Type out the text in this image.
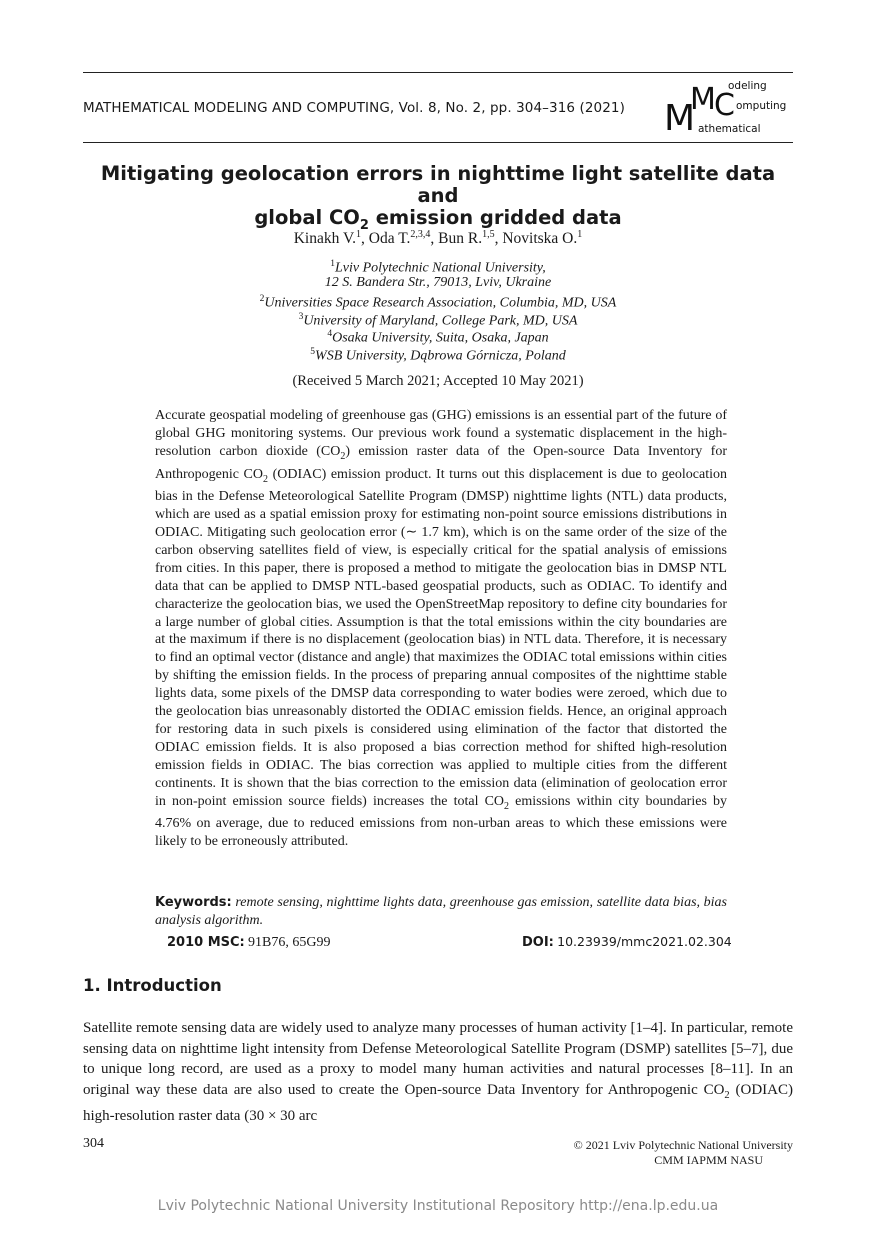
MATHEMATICAL MODELING AND COMPUTING, Vol. 8, No. 2, pp. 304–316 (2021) M
M
C
odeling
omputing
athematical
Mitigating geolocation errors in nighttime light satellite data and
global $CO_2$ emission gridded data
Kinakh V.$^1$, Oda T.$^{2,3,4}$, Bun R.$^{1,5}$, Novitska O.$^1$
$^1$Lviv Polytechnic National University,
12 S. Bandera Str., 79013, Lviv, Ukraine
$^2$Universities Space Research Association, Columbia, MD, USA
$^3$University of Maryland, College Park, MD, USA
$^4$Osaka University, Suita, Osaka, Japan
$^5$WSB University, Dąbrowa Górnicza, Poland
(Received 5 March 2021; Accepted 10 May 2021)
Accurate geospatial modeling of greenhouse gas (GHG) emissions is an essential part of the future of global GHG monitoring systems. Our previous work found a systematic displacement in the high-resolution carbon dioxide $(CO_2)$ emission raster data of the Open-source Data Inventory for Anthropogenic $CO_2$ (ODIAC) emission product. It turns out this displacement is due to geolocation bias in the Defense Meteorological Satellite Program (DMSP) nighttime lights (NTL) data products, which are used as a spatial emission proxy for estimating non-point source emissions distributions in ODIAC. Mitigating such geolocation error (∼ 1.7 km), which is on the same order of the size of the carbon observing satellites field of view, is especially critical for the spatial analysis of emissions from cities. In this paper, there is proposed a method to mitigate the geolocation bias in DMSP NTL data that can be applied to DMSP NTL-based geospatial products, such as ODIAC. To identify and characterize the geolocation bias, we used the OpenStreetMap repository to define city boundaries for a large number of global cities. Assumption is that the total emissions within the city boundaries are at the maximum if there is no displacement (geolocation bias) in NTL data. Therefore, it is necessary to find an optimal vector (distance and angle) that maximizes the ODIAC total emissions within cities by shifting the emission fields. In the process of preparing annual composites of the nighttime stable lights data, some pixels of the DMSP data corresponding to water bodies were zeroed, which due to the geolocation bias unreasonably distorted the ODIAC emission fields. Hence, an original approach for restoring data in such pixels is considered using elimination of the factor that distorted the ODIAC emission fields. It is also proposed a bias correction method for shifted high-resolution emission fields in ODIAC. The bias correction was applied to multiple cities from the different continents. It is shown that the bias correction to the emission data (elimination of geolocation error in non-point emission source fields) increases the total $CO_2$ emissions within city boundaries by 4.76% on average, due to reduced emissions from non-urban areas to which these emissions were likely to be erroneously attributed.
Keywords: remote sensing, nighttime lights data, greenhouse gas emission, satellite data bias, bias analysis algorithm.
2010 MSC: 91B76, 65G99	DOI: 10.23939/mmc2021.02.304
1. Introduction
Satellite remote sensing data are widely used to analyze many processes of human activity [1–4]. In particular, remote sensing data on nighttime light intensity from Defense Meteorological Satellite Program (DSMP) satellites [5–7], due to unique long record, are used as a proxy to model many human activities and natural processes [8–11]. In an original way these data are also used to create the Open-source Data Inventory for Anthropogenic $CO_2$ (ODIAC) high-resolution raster data (30 × 30 arc
304	© 2021 Lviv Polytechnic National University
CMM IAPMM NASU
Lviv Polytechnic National University Institutional Repository http://ena.lp.edu.ua
